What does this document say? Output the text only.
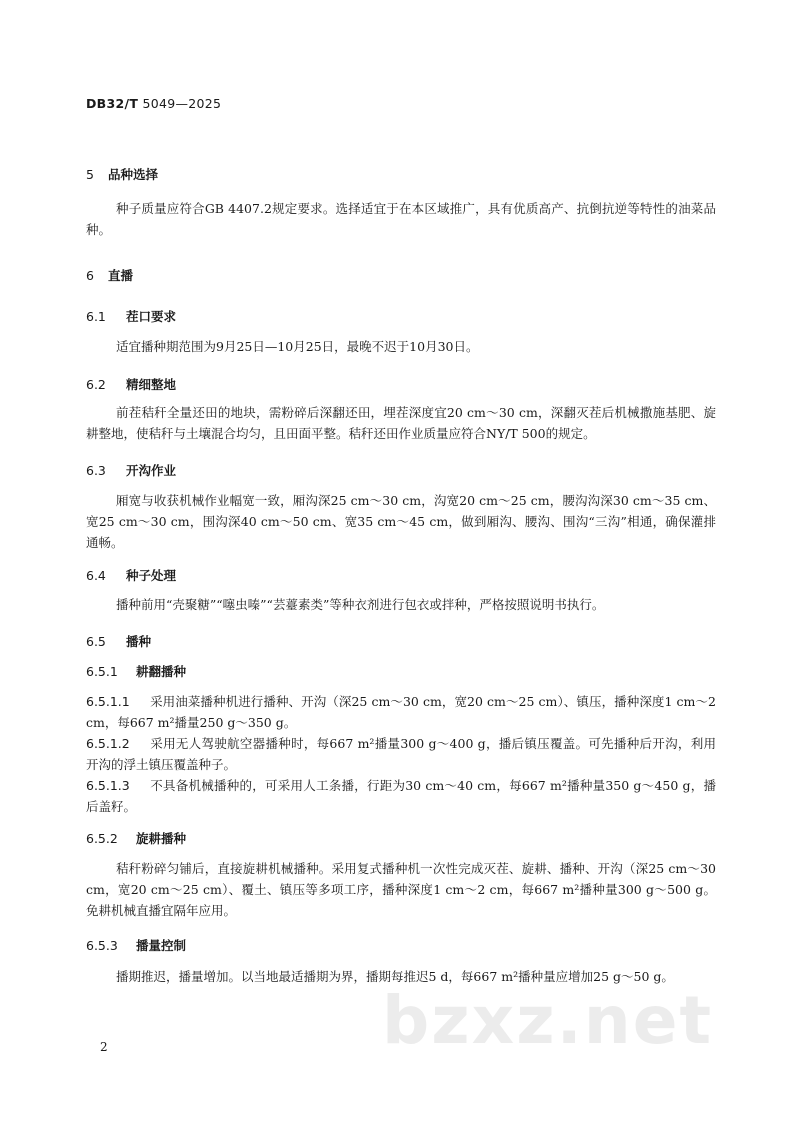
DB32/T 5049—2025
5 品种选择

种子质量应符合GB 4407.2规定要求。选择适宜于在本区域推广，具有优质高产、抗倒抗逆等特性的油菜品种。

6 直播
6.1 茬口要求

适宜播种期范围为9月25日—10月25日，最晚不迟于10月30日。

6.2 精细整地

前茬秸秆全量还田的地块，需粉碎后深翻还田，埋茬深度宜20 cm～30 cm，深翻灭茬后机械撒施基肥、旋耕整地，使秸秆与土壤混合均匀，且田面平整。秸秆还田作业质量应符合NY/T 500的规定。

6.3 开沟作业

厢宽与收获机械作业幅宽一致，厢沟深25 cm～30 cm，沟宽20 cm～25 cm，腰沟沟深30 cm～35 cm、宽25 cm～30 cm，围沟深40 cm～50 cm、宽35 cm～45 cm，做到厢沟、腰沟、围沟“三沟”相通，确保灌排通畅。

6.4 种子处理

播种前用“壳聚糖”“噻虫嗪”“芸薹素类”等种衣剂进行包衣或拌种，严格按照说明书执行。

6.5 播种
6.5.1 耕翻播种

6.5.1.1 采用油菜播种机进行播种、开沟（深25 cm～30 cm，宽20 cm～25 cm）、镇压，播种深度1 cm～2 cm，每667 m²播量250 g～350 g。

6.5.1.2 采用无人驾驶航空器播种时，每667 m²播量300 g～400 g，播后镇压覆盖。可先播种后开沟，利用开沟的浮土镇压覆盖种子。

6.5.1.3 不具备机械播种的，可采用人工条播，行距为30 cm～40 cm，每667 m²播种量350 g～450 g，播后盖籽。

6.5.2 旋耕播种

秸秆粉碎匀铺后，直接旋耕机械播种。采用复式播种机一次性完成灭茬、旋耕、播种、开沟（深25 cm～30 cm，宽20 cm～25 cm）、覆土、镇压等多项工序，播种深度1 cm～2 cm，每667 m²播种量300 g～500 g。免耕机械直播宜隔年应用。

6.5.3 播量控制

播期推迟，播量增加。以当地最适播期为界，播期每推迟5 d，每667 m²播种量应增加25 g～50 g。

bzxz.net
2
